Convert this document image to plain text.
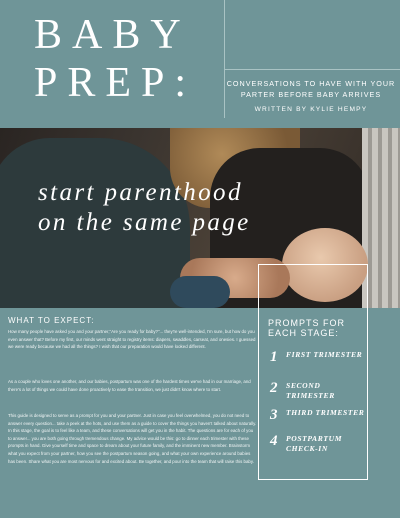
BABY
PREP:	CONVERSATIONS TO HAVE WITH YOUR PARTER BEFORE BABY ARRIVES

WRITTEN BY KYLIE HEMPY

start parenthood
on the same page

PROMPTS FOR EACH STAGE:

1	FIRST TRIMESTER
2	SECOND TRIMESTER
3	THIRD TRIMESTER
4	POSTPARTUM CHECK-IN
WHAT TO EXPECT:

How many people have asked you and your partner,"Are you ready for baby?"... they're well-intended, I'm sure, but how do you even answer that? Before my first, our minds went straight to registry items: diapers, swaddles, carseat, and onesies. I guessed we were ready because we had all the things? I wish that our preparation would have looked different.

As a couple who loves one another, and our babies, postpartum was one of the hardest times we've had in our marriage, and there's a lot of things we could have done proactively to ease the transition, we just didn't know where to start.

This guide is designed to serve as a prompt for you and your partner. Just in case you feel overwhelmed, you do not need to answer every question... take a peek at the hots, and use them as a guide to cover the things you haven't talked about naturally. In this stage, the goal is to feel like a team, and these conversations will get you in the habit. The questions are for each of you to answer... you are both going through tremendous change. My advice would be this: go to dinner each trimester with these prompts in hand. Give yourself time and space to dream about your future family, and the imminent new member. Brainstorm what you expect from your partner, how you see the postpartum season going, and what your own experience around babies has been. Share what you are most nervous for and excited about. Be together, and pour into the team that will raise this baby.
